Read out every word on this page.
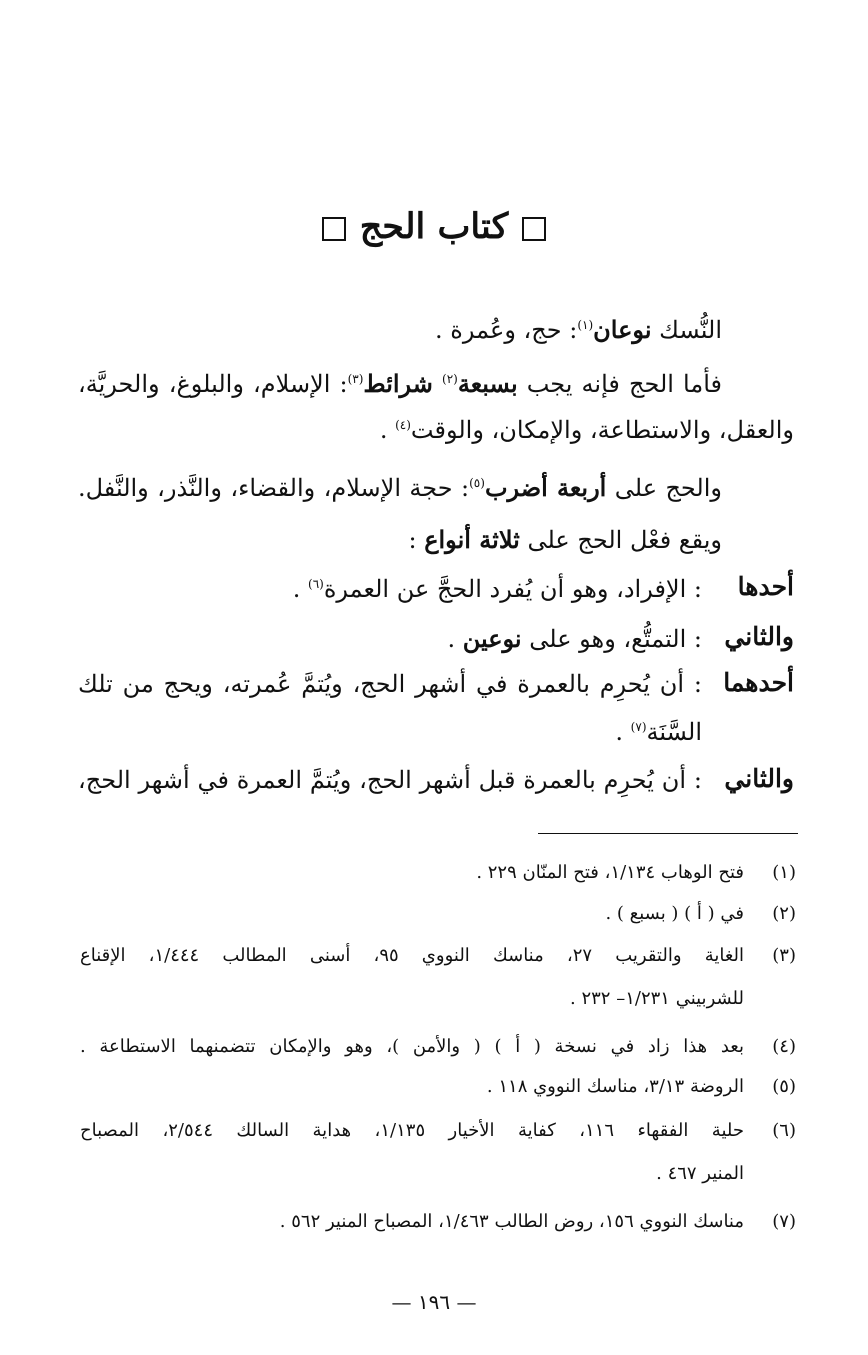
كتاب الحج
النُّسك نوعان$^{(١)}$: حج، وعُمرة .
فأما الحج فإنه يجب بسبعة$^{(٢)}$ شرائط$^{(٣)}$: الإسلام، والبلوغ، والحريَّة،
والعقل، والاستطاعة، والإمكان، والوقت$^{(٤)}$ .
والحج على أربعة أضرب$^{(٥)}$: حجة الإسلام، والقضاء، والنَّذر، والنَّفل.
ويقع فعْل الحج على ثلاثة أنواع :
أحدها
: الإفراد، وهو أن يُفرد الحجَّ عن العمرة$^{(٦)}$ .
والثاني
: التمتُّع، وهو على نوعين .
أحدهما
: أن يُحرِم بالعمرة في أشهر الحج، ويُتمَّ عُمرته، ويحج من تلك
السَّنَة$^{(٧)}$ .
والثاني
: أن يُحرِم بالعمرة قبل أشهر الحج، ويُتمَّ العمرة في أشهر الحج،
(١)
فتح الوهاب ١/١٣٤، فتح المنّان ٢٢٩ .
(٢)
في ( أ ) ( بسبع ) .
(٣)
الغاية والتقريب ٢٧، مناسك النووي ٩٥، أسنى المطالب ١/٤٤٤، الإقناع
للشربيني ١/٢٣١– ٢٣٢ .
(٤)
بعد هذا زاد في نسخة ( أ ) ( والأمن )، وهو والإمكان تتضمنهما الاستطاعة .
(٥)
الروضة ٣/١٣، مناسك النووي ١١٨ .
(٦)
حلية الفقهاء ١١٦، كفاية الأخيار ١/١٣٥، هداية السالك ٢/٥٤٤، المصباح
المنير ٤٦٧ .
(٧)
مناسك النووي ١٥٦، روض الطالب ١/٤٦٣، المصباح المنير ٥٦٢ .
— ١٩٦ —
